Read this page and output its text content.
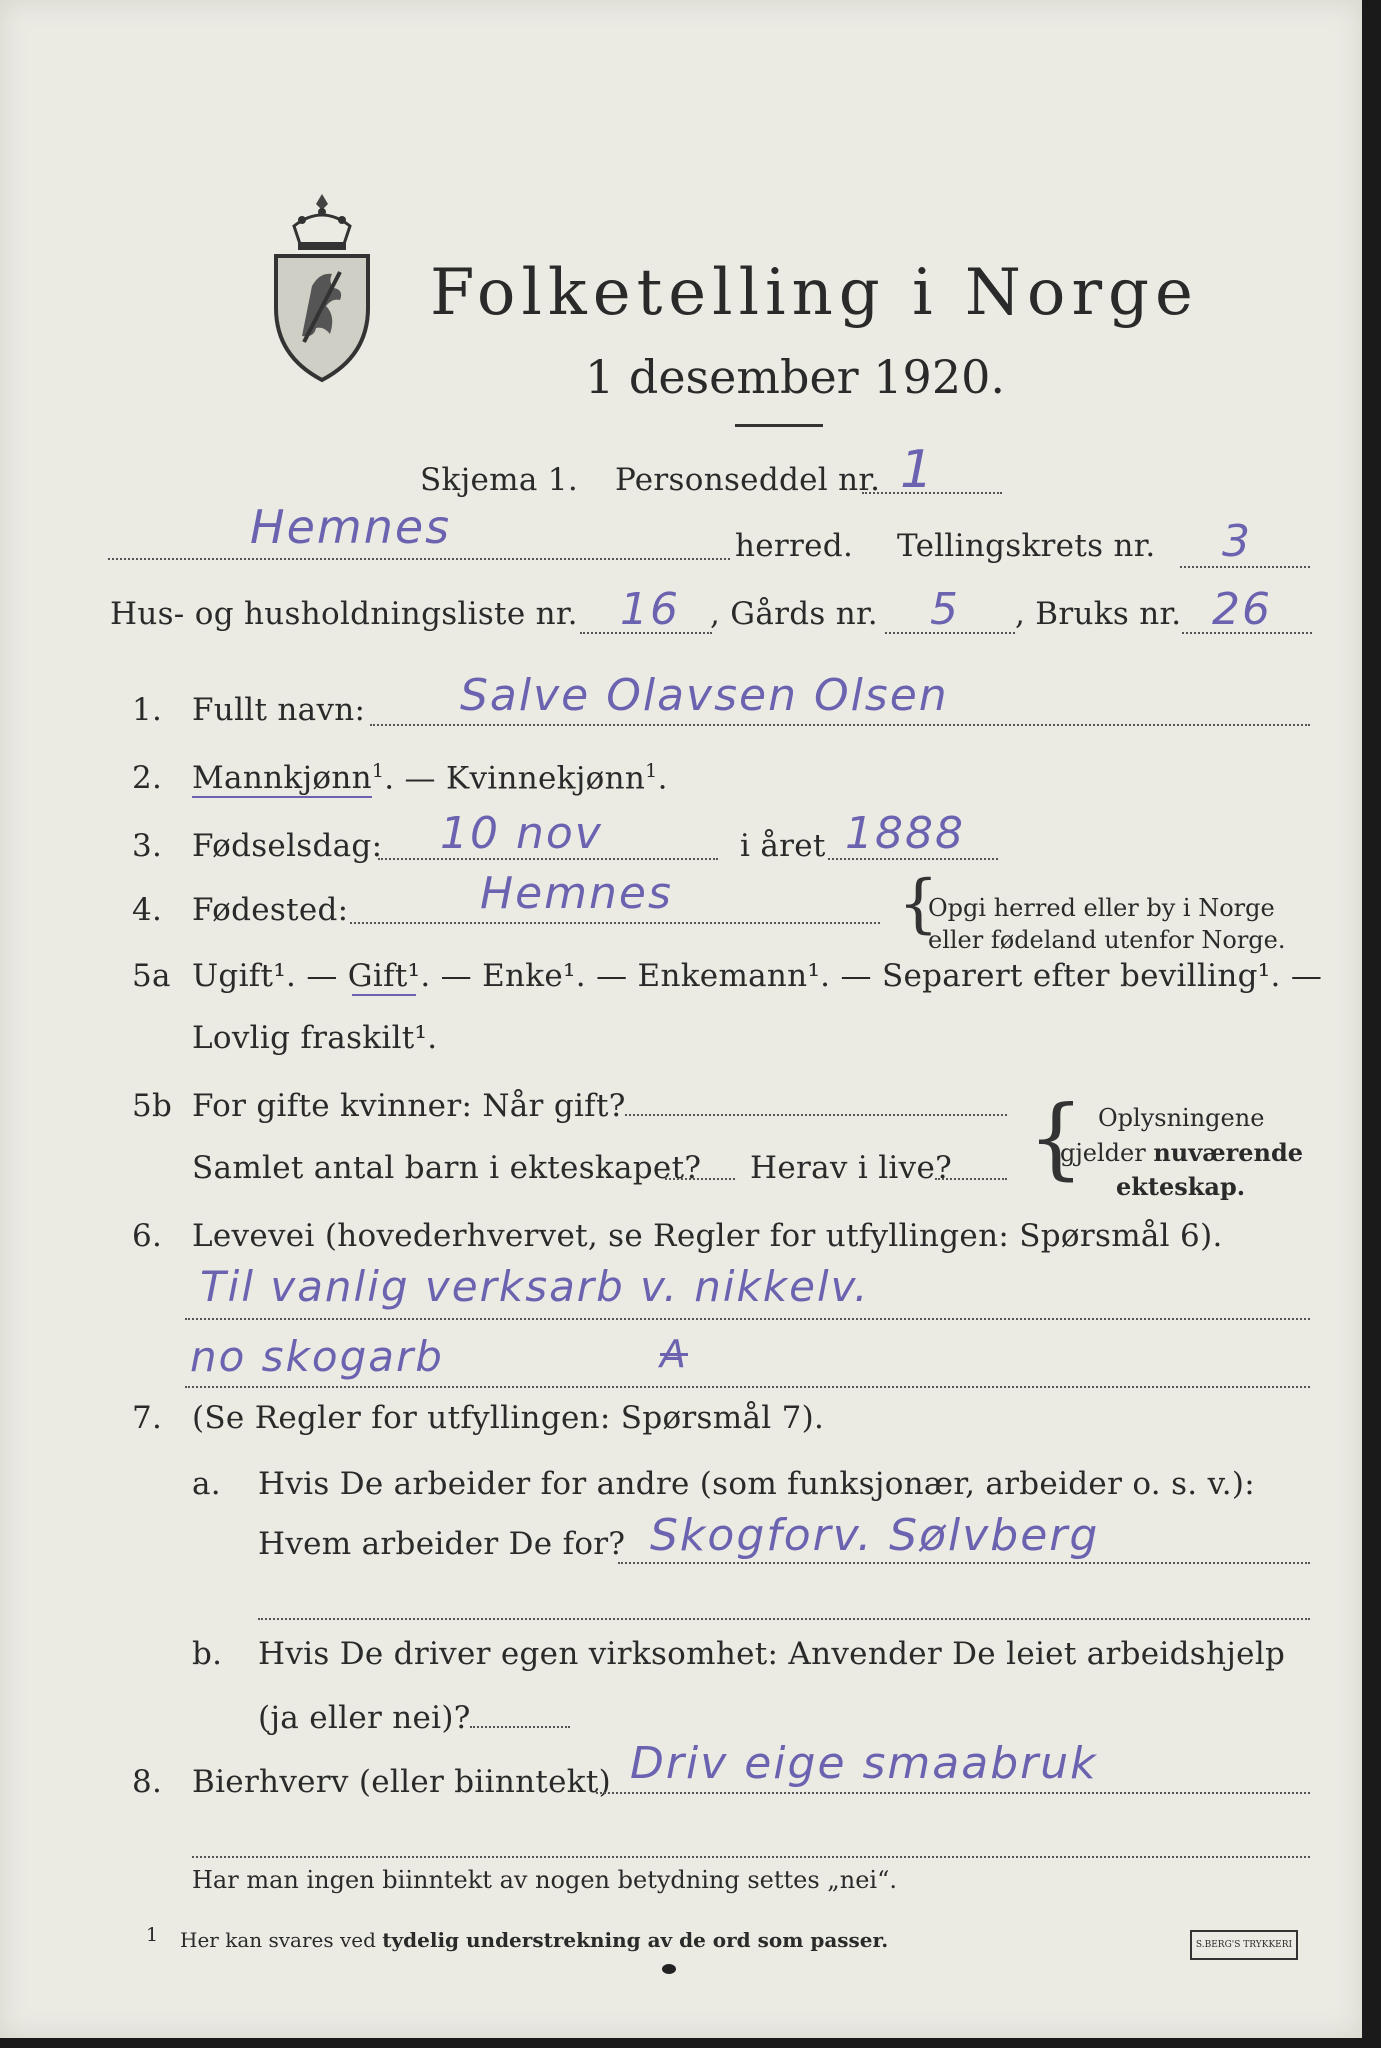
Folketelling i Norge
1 desember 1920.
Skjema 1. Personseddel nr. 1
Hemnes	herred. Tellingskrets nr. 3
Hus- og husholdningsliste nr. 16 , Gårds nr. 5 , Bruks nr. 26
1. Fullt navn: Salve Olavsen Olsen
2. Mannkjønn$^1$. — Kvinnekjønn$^1$.
3. Fødselsdag: 10 nov	i året 1888
4. Fødested:	Hemnes	{
Opgi herred eller by i Norge
eller fødeland utenfor Norge.
5a Ugift¹. — Gift¹. — Enke¹. — Enkemann¹. — Separert efter bevilling¹. —
Lovlig fraskilt¹.
5b For gifte kvinner: Når gift?
Samlet antal barn i ekteskapet? Herav i live? { Oplysningene
gjelder nuværende
ekteskap.
6. Levevei (hovederhvervet, se Regler for utfyllingen: Spørsmål 6).
Til vanlig verksarb v. nikkelv.
no skogarb	A
7. (Se Regler for utfyllingen: Spørsmål 7).
a. Hvis De arbeider for andre (som funksjonær, arbeider o. s. v.):
Hvem arbeider De for? Skogforv. Sølvberg
b. Hvis De driver egen virksomhet: Anvender De leiet arbeidshjelp
(ja eller nei)?
8. Bierhverv (eller biinntekt) Driv eige smaabruk
Har man ingen biinntekt av nogen betydning settes „nei“.
1 Her kan svares ved tydelig understrekning av de ord som passer.	S.BERG'S TRYKKERI
